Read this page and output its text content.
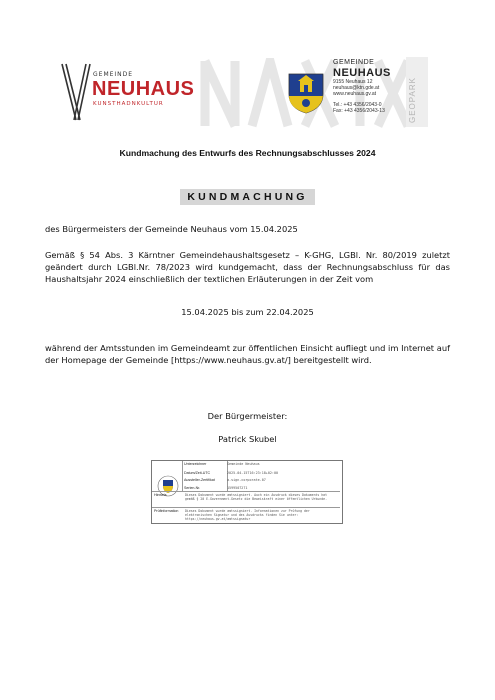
GEMEINDE
NEUHAUS
KUNSTHADNKULTUR
GEMEINDE
NEUHAUS
9155 Neuhaus 12
neuhaus@ktn.gde.at
www.neuhaus.gv.at
Tel.: +43 4356/2043-0
Fax: +43 4356/2043-13	GEOPARK
Kundmachung des Entwurfs des Rechnungsabschlusses 2024
KUNDMACHUNG
des Bürgermeisters der Gemeinde Neuhaus vom 15.04.2025
Gemäß § 54 Abs. 3 Kärntner Gemeindehaushaltsgesetz – K-GHG, LGBl. Nr. 80/2019 zuletzt geändert durch LGBl.Nr. 78/2023 wird kundgemacht, dass der Rechnungsabschluss für das Haushaltsjahr 2024 einschließlich der textlichen Erläuterungen in der Zeit vom
15.04.2025 bis zum 22.04.2025
während der Amtsstunden im Gemeindeamt zur öffentlichen Einsicht aufliegt und im Internet auf der Homepage der Gemeinde [https://www.neuhaus.gv.at/] bereitgestellt wird.
Der Bürgermeister:
Patrick Skubel
Unterzeichner	Gemeinde Neuhaus
Datum/Zeit-UTC	2025-04-15T16:23:18+02:00
Aussteller-Zertifikat	a-sign-corporate-07
Serien-Nr.	1599507271
Hinweis	Dieses Dokument wurde amtssigniert. Auch ein Ausdruck dieses Dokuments hat gemäß § 20 E-Government-Gesetz die Beweiskraft einer öffentlichen Urkunde.
Prüfinformation	Dieses Dokument wurde amtssigniert. Informationen zur Prüfung der elektronischen Signatur und des Ausdrucks finden Sie unter: https://neuhaus.gv.at/amtssignatur
